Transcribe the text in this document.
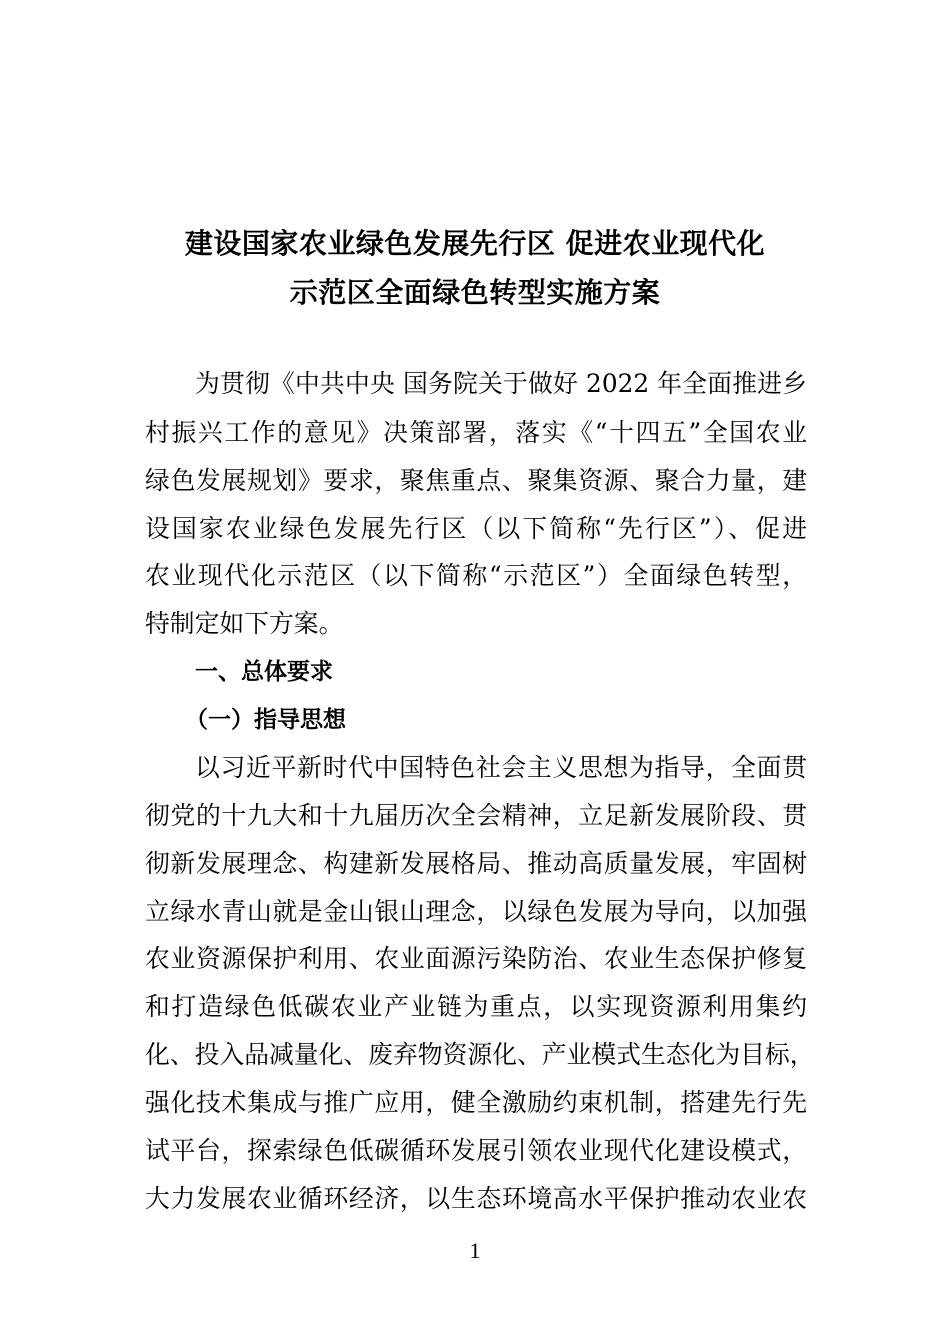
建设国家农业绿色发展先行区 促进农业现代化
示范区全面绿色转型实施方案
为贯彻《中共中央 国务院关于做好 2022 年全面推进乡
村振兴工作的意见》决策部署，落实《“十四五”全国农业
绿色发展规划》要求，聚焦重点、聚集资源、聚合力量，建
设国家农业绿色发展先行区（以下简称“先行区”）、促进
农业现代化示范区（以下简称“示范区”）全面绿色转型，
特制定如下方案。
一、总体要求
（一）指导思想
以习近平新时代中国特色社会主义思想为指导，全面贯
彻党的十九大和十九届历次全会精神，立足新发展阶段、贯
彻新发展理念、构建新发展格局、推动高质量发展，牢固树
立绿水青山就是金山银山理念，以绿色发展为导向，以加强
农业资源保护利用、农业面源污染防治、农业生态保护修复
和打造绿色低碳农业产业链为重点，以实现资源利用集约
化、投入品减量化、废弃物资源化、产业模式生态化为目标，
强化技术集成与推广应用，健全激励约束机制，搭建先行先
试平台，探索绿色低碳循环发展引领农业现代化建设模式，
大力发展农业循环经济，以生态环境高水平保护推动农业农
1
